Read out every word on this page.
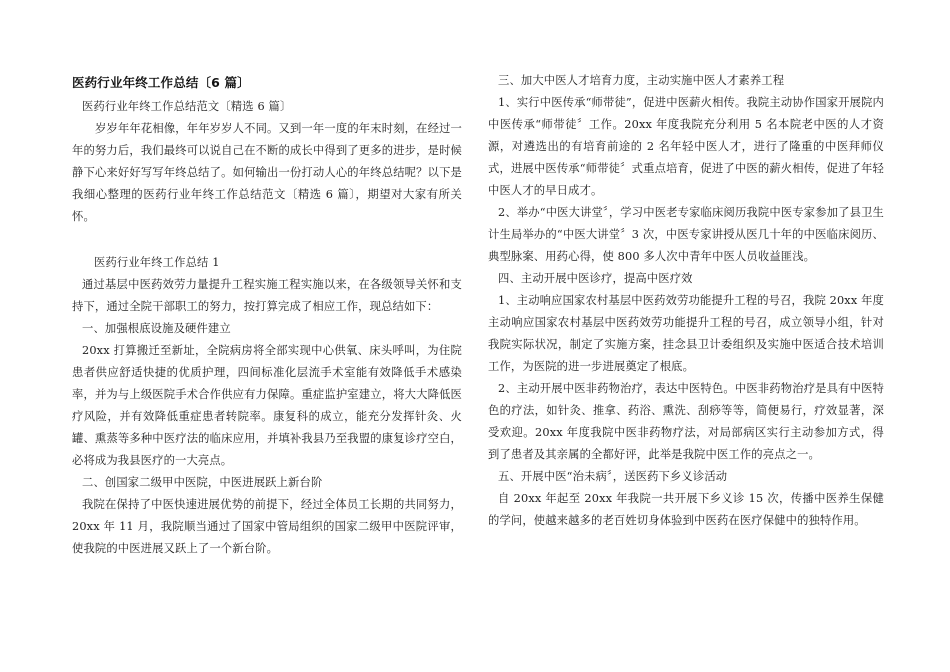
医药行业年终工作总结〔6 篇〕

医药行业年终工作总结范文〔精选 6 篇〕

岁岁年年花相像，年年岁岁人不同。又到一年一度的年末时刻，在经过一年的努力后，我们最终可以说自己在不断的成长中得到了更多的进步，是时候静下心来好好写写年终总结了。如何输出一份打动人心的年终总结呢？以下是我细心整理的医药行业年终工作总结范文〔精选 6 篇〕，期望对大家有所关怀。

医药行业年终工作总结 1

通过基层中医药效劳力量提升工程实施工程实施以来，在各级领导关怀和支持下，通过全院干部职工的努力，按打算完成了相应工作，现总结如下：

一、加强根底设施及硬件建立

20xx 打算搬迁至新址，全院病房将全部实现中心供氧、床头呼叫，为住院患者供应舒适快捷的优质护理，四间标准化层流手术室能有效降低手术感染率，并为与上级医院手术合作供应有力保障。重症监护室建立，将大大降低医疗风险，并有效降低重症患者转院率。康复科的成立，能充分发挥针灸、火罐、熏蒸等多种中医疗法的临床应用，并填补我县乃至我盟的康复诊疗空白，必将成为我县医疗的一大亮点。

二、创国家二级甲中医院，中医进展跃上新台阶

我院在保持了中医快速进展优势的前提下，经过全体员工长期的共同努力，20xx 年 11 月，我院顺当通过了国家中管局组织的国家二级甲中医院评审，使我院的中医进展又跃上了一个新台阶。

三、加大中医人才培育力度，主动实施中医人才素养工程

1、实行中医传承“师带徒”，促进中医薪火相传。我院主动协作国家开展院内中医传承“师带徒〞工作。20xx 年度我院充分利用 5 名本院老中医的人才资源，对遴选出的有培育前途的 2 名年轻中医人才，进行了隆重的中医拜师仪式，进展中医传承“师带徒〞式重点培育，促进了中医的薪火相传，促进了年轻中医人才的早日成才。

2、举办“中医大讲堂〞，学习中医老专家临床阅历我院中医专家参加了县卫生计生局举办的“中医大讲堂〞3 次，中医专家讲授从医几十年的中医临床阅历、典型脉案、用药心得，使 800 多人次中青年中医人员收益匪浅。

四、主动开展中医诊疗，提高中医疗效

1、主动响应国家农村基层中医药效劳功能提升工程的号召，我院 20xx 年度主动响应国家农村基层中医药效劳功能提升工程的号召，成立领导小组，针对我院实际状况，制定了实施方案，挂念县卫计委组织及实施中医适合技术培训工作，为医院的进一步进展奠定了根底。

2、主动开展中医非药物治疗，表达中医特色。中医非药物治疗是具有中医特色的疗法，如针灸、推拿、药浴、熏洗、刮痧等等，简便易行，疗效显著，深受欢迎。20xx 年度我院中医非药物疗法，对局部病区实行主动参加方式，得到了患者及其亲属的全都好评，此举是我院中医工作的亮点之一。

五、开展中医“治未病〞，送医药下乡义诊活动

自 20xx 年起至 20xx 年我院一共开展下乡义诊 15 次，传播中医养生保健的学问，使越来越多的老百姓切身体验到中医药在医疗保健中的独特作用。
